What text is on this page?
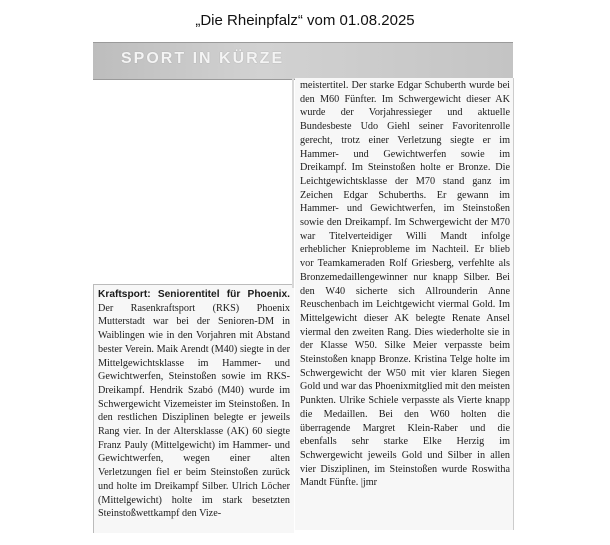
„Die Rheinpfalz“ vom 01.08.2025
SPORT IN KÜRZE

Kraftsport: Seniorentitel für Phoenix. Der Rasenkraftsport (RKS) Phoenix Mutterstadt war bei der Senioren-DM in Waiblingen wie in den Vorjahren mit Abstand bester Verein. Maik Arendt (M40) siegte in der Mittelgewichtsklasse im Hammer- und Gewichtwerfen, Steinstoßen sowie im RKS-Dreikampf. Hendrik Szabó (M40) wurde im Schwergewicht Vizemeister im Steinstoßen. In den restlichen Disziplinen belegte er jeweils Rang vier. In der Altersklasse (AK) 60 siegte Franz Pauly (Mittelgewicht) im Hammer- und Gewichtwerfen, wegen einer alten Verletzungen fiel er beim Steinstoßen zurück und holte im Dreikampf Silber. Ulrich Löcher (Mittelgewicht) holte im stark besetzten Steinstoßwettkampf den Vize-

meistertitel. Der starke Edgar Schuberth wurde bei den M60 Fünfter. Im Schwergewicht dieser AK wurde der Vorjahressieger und aktuelle Bundesbeste Udo Giehl seiner Favoritenrolle gerecht, trotz einer Verletzung siegte er im Hammer- und Gewichtwerfen sowie im Dreikampf. Im Steinstoßen holte er Bronze. Die Leichtgewichtsklasse der M70 stand ganz im Zeichen Edgar Schuberths. Er gewann im Hammer- und Gewichtwerfen, im Steinstoßen sowie den Dreikampf. Im Schwergewicht der M70 war Titelverteidiger Willi Mandt infolge erheblicher Knieprobleme im Nachteil. Er blieb vor Teamkameraden Rolf Griesberg, verfehlte als Bronzemedaillengewinner nur knapp Silber. Bei den W40 sicherte sich Allrounderin Anne Reuschenbach im Leichtgewicht viermal Gold. Im Mittelgewicht dieser AK belegte Renate Ansel viermal den zweiten Rang. Dies wiederholte sie in der Klasse W50. Silke Meier verpasste beim Steinstoßen knapp Bronze. Kristina Telge holte im Schwergewicht der W50 mit vier klaren Siegen Gold und war das Phoenixmitglied mit den meisten Punkten. Ulrike Schiele verpasste als Vierte knapp die Medaillen. Bei den W60 holten die überragende Margret Klein-Raber und die ebenfalls sehr starke Elke Herzig im Schwergewicht jeweils Gold und Silber in allen vier Disziplinen, im Steinstoßen wurde Roswitha Mandt Fünfte. |jmr
